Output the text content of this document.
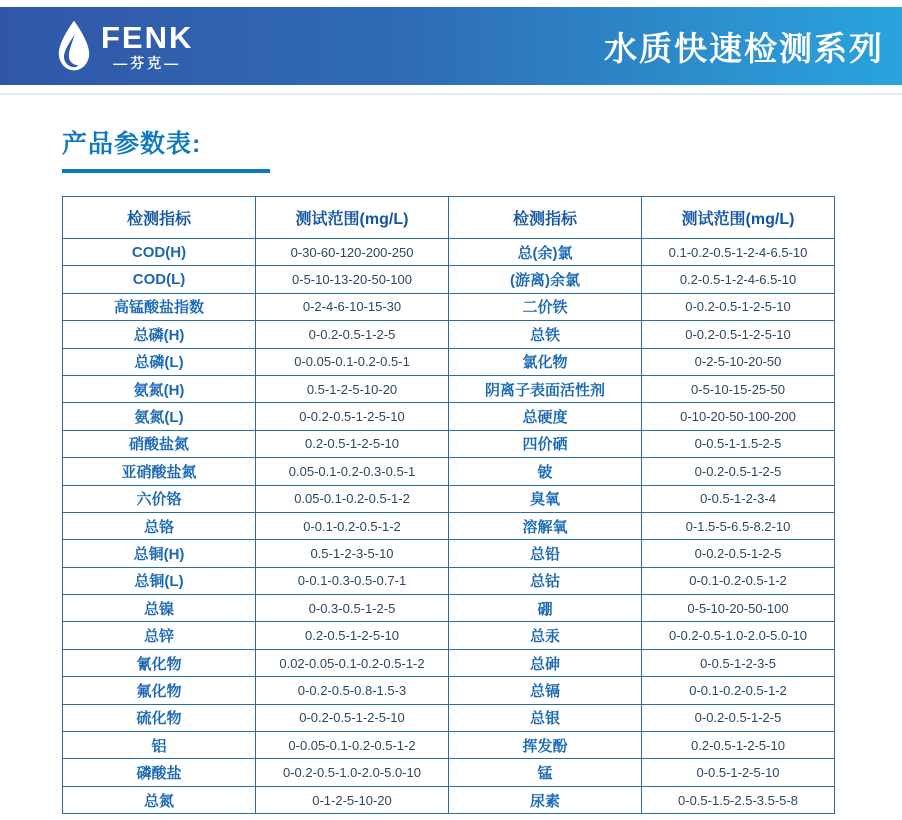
FENK
—芬克—	水质快速检测系列
产品参数表:
检测指标	测试范围(mg/L)	检测指标	测试范围(mg/L)
COD(H)	0-30-60-120-200-250	总(余)氯	0.1-0.2-0.5-1-2-4-6.5-10
COD(L)	0-5-10-13-20-50-100	(游离)余氯	0.2-0.5-1-2-4-6.5-10
高锰酸盐指数	0-2-4-6-10-15-30	二价铁	0-0.2-0.5-1-2-5-10
总磷(H)	0-0.2-0.5-1-2-5	总铁	0-0.2-0.5-1-2-5-10
总磷(L)	0-0.05-0.1-0.2-0.5-1	氯化物	0-2-5-10-20-50
氨氮(H)	0.5-1-2-5-10-20	阴离子表面活性剂	0-5-10-15-25-50
氨氮(L)	0-0.2-0.5-1-2-5-10	总硬度	0-10-20-50-100-200
硝酸盐氮	0.2-0.5-1-2-5-10	四价硒	0-0.5-1-1.5-2-5
亚硝酸盐氮	0.05-0.1-0.2-0.3-0.5-1	铍	0-0.2-0.5-1-2-5
六价铬	0.05-0.1-0.2-0.5-1-2	臭氧	0-0.5-1-2-3-4
总铬	0-0.1-0.2-0.5-1-2	溶解氧	0-1.5-5-6.5-8.2-10
总铜(H)	0.5-1-2-3-5-10	总铅	0-0.2-0.5-1-2-5
总铜(L)	0-0.1-0.3-0.5-0.7-1	总钴	0-0.1-0.2-0.5-1-2
总镍	0-0.3-0.5-1-2-5	硼	0-5-10-20-50-100
总锌	0.2-0.5-1-2-5-10	总汞	0-0.2-0.5-1.0-2.0-5.0-10
氰化物	0.02-0.05-0.1-0.2-0.5-1-2	总砷	0-0.5-1-2-3-5
氟化物	0-0.2-0.5-0.8-1.5-3	总镉	0-0.1-0.2-0.5-1-2
硫化物	0-0.2-0.5-1-2-5-10	总银	0-0.2-0.5-1-2-5
铝	0-0.05-0.1-0.2-0.5-1-2	挥发酚	0.2-0.5-1-2-5-10
磷酸盐	0-0.2-0.5-1.0-2.0-5.0-10	锰	0-0.5-1-2-5-10
总氮	0-1-2-5-10-20	尿素	0-0.5-1.5-2.5-3.5-5-8
